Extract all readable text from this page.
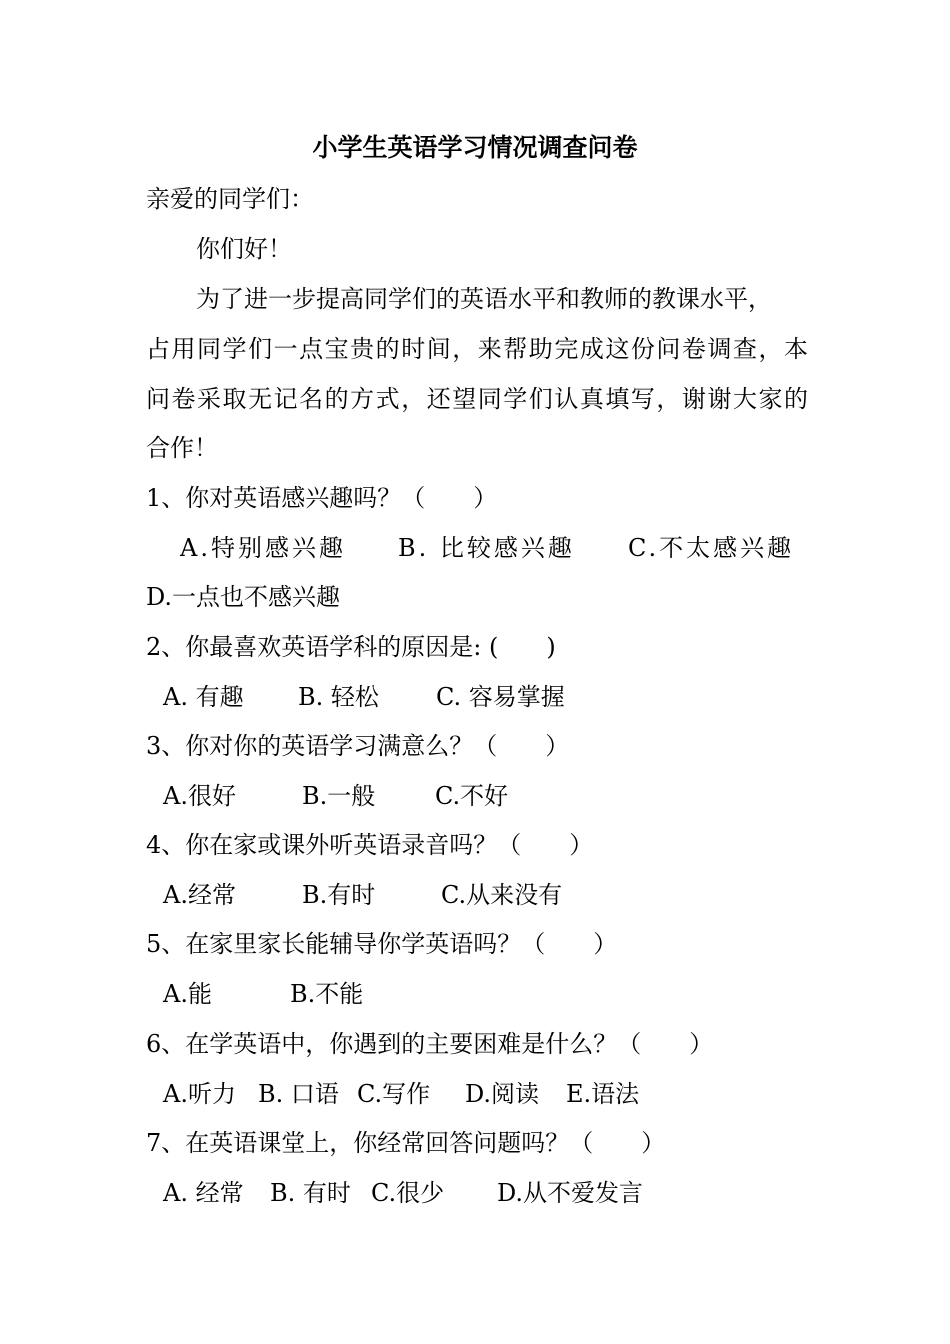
小学生英语学习情况调查问卷
亲爱的同学们：
你们好！
为了进一步提高同学们的英语水平和教师的教课水平，
占用同学们一点宝贵的时间，来帮助完成这份问卷调查，本
问卷采取无记名的方式，还望同学们认真填写，谢谢大家的
合作！
1、你对英语感兴趣吗？（　　）
A.特别感兴趣 B. 比较感兴趣 C.不太感兴趣
D.一点也不感兴趣
2、你最喜欢英语学科的原因是: (　　)
A. 有趣 B. 轻松 C. 容易掌握
3、你对你的英语学习满意么？（　　）
A.很好	B.一般 C.不好
4、你在家或课外听英语录音吗？（　　）
A.经常	B.有时	C.从来没有
5、在家里家长能辅导你学英语吗？（　　）
A.能	B.不能
6、在学英语中，你遇到的主要困难是什么？（　　）
A.听力 B. 口语 C.写作 D.阅读 E.语法
7、在英语课堂上，你经常回答问题吗？（　　）
A. 经常 B. 有时 C.很少 D.从不爱发言
